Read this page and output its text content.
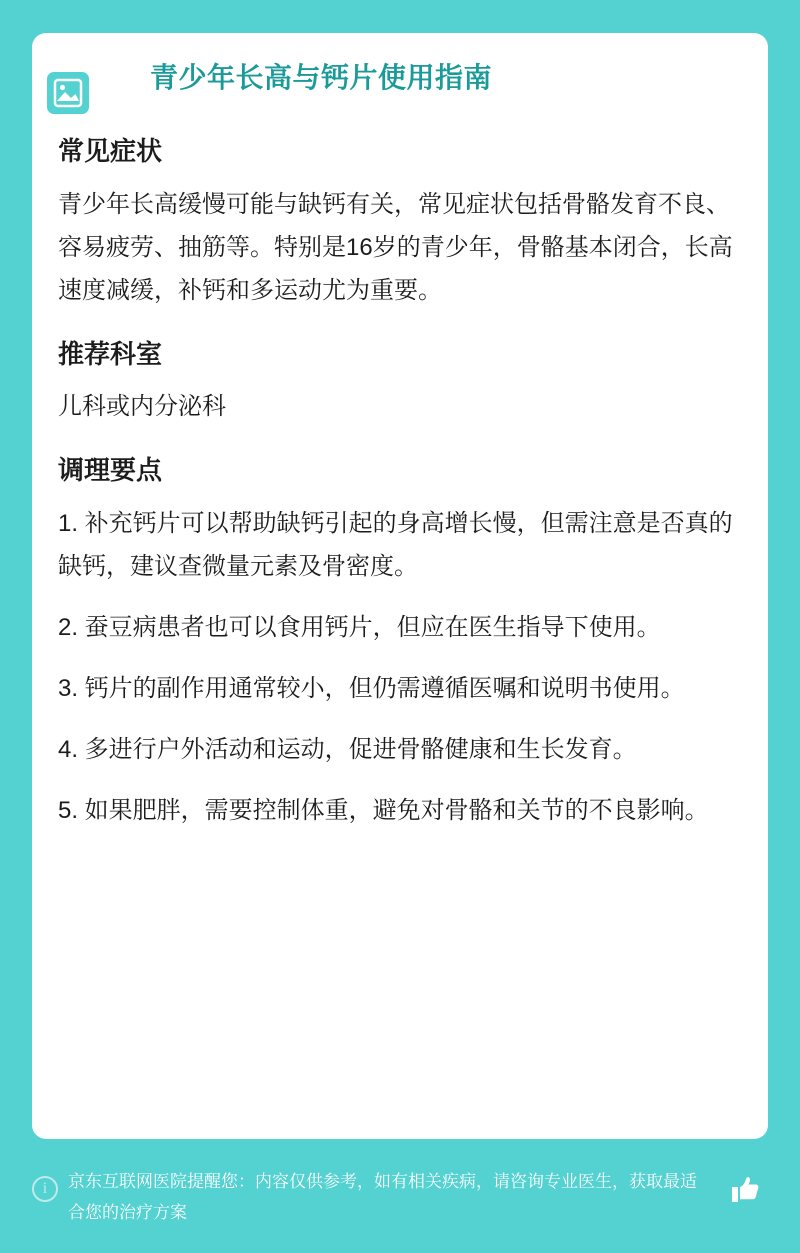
青少年长高与钙片使用指南
常见症状

青少年长高缓慢可能与缺钙有关，常见症状包括骨骼发育不良、容易疲劳、抽筋等。特别是16岁的青少年，骨骼基本闭合，长高速度减缓，补钙和多运动尤为重要。

推荐科室

儿科或内分泌科

调理要点

1. 补充钙片可以帮助缺钙引起的身高增长慢，但需注意是否真的缺钙，建议查微量元素及骨密度。

2. 蚕豆病患者也可以食用钙片，但应在医生指导下使用。

3. 钙片的副作用通常较小，但仍需遵循医嘱和说明书使用。

4. 多进行户外活动和运动，促进骨骼健康和生长发育。

5. 如果肥胖，需要控制体重，避免对骨骼和关节的不良影响。

i	京东互联网医院提醒您：内容仅供参考，如有相关疾病，请咨询专业医生，获取最适合您的治疗方案
